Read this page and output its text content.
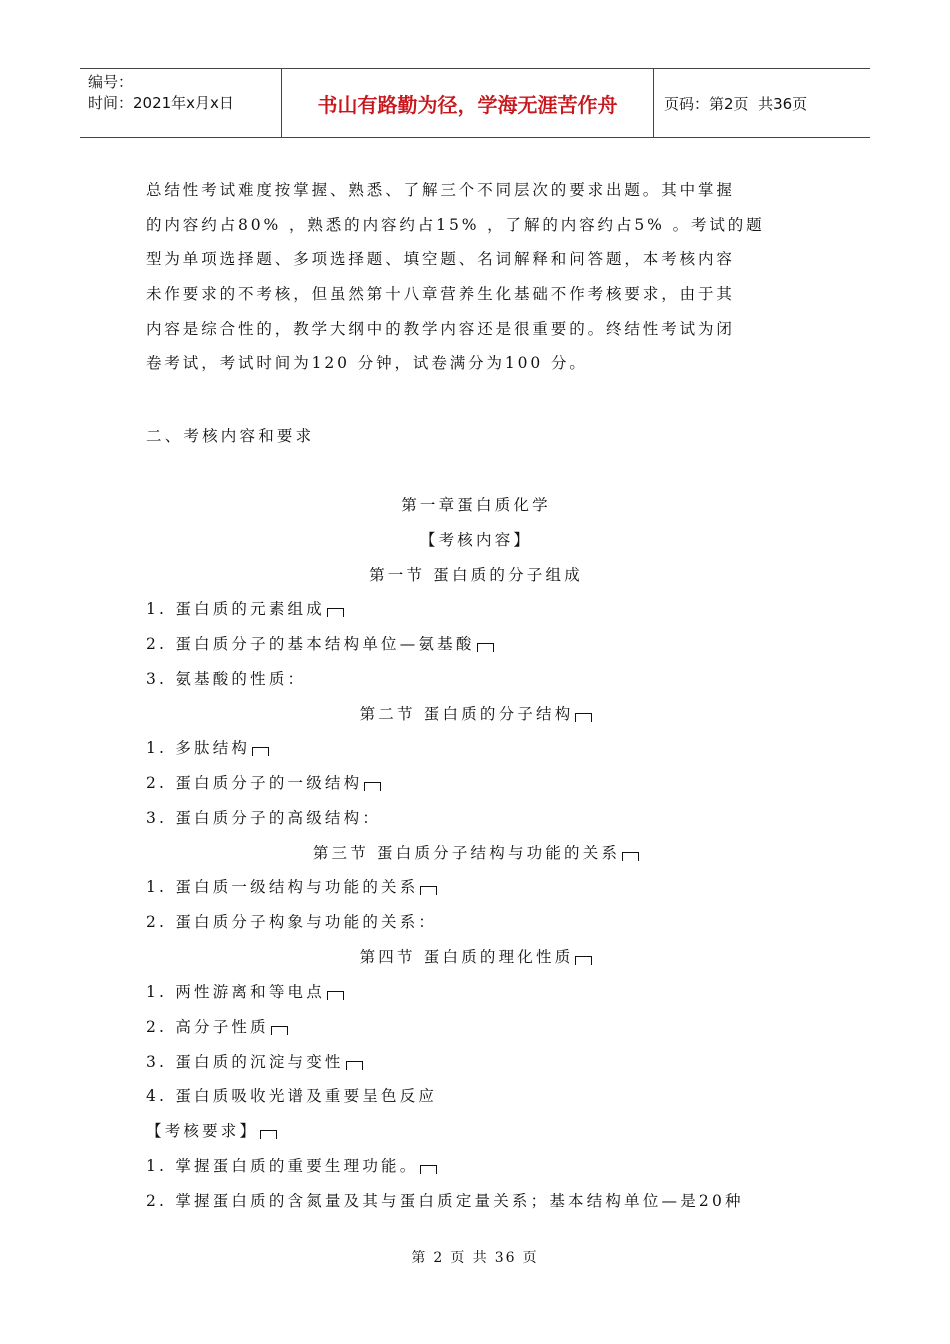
编号：
时间：2021年x月x日	书山有路勤为径，学海无涯苦作舟	页码：第2页  共36页
总结性考试难度按掌握、熟悉、了解三个不同层次的要求出题。其中掌握
的内容约占80% ，熟悉的内容约占15% ，了解的内容约占5% 。考试的题
型为单项选择题、多项选择题、填空题、名词解释和问答题，本考核内容
未作要求的不考核，但虽然第十八章营养生化基础不作考核要求，由于其
内容是综合性的，教学大纲中的教学内容还是很重要的。终结性考试为闭
卷考试，考试时间为120 分钟，试卷满分为100 分。
二、考核内容和要求
第一章蛋白质化学
【考核内容】
第一节 蛋白质的分子组成
1. 蛋白质的元素组成
2. 蛋白质分子的基本结构单位—氨基酸
3. 氨基酸的性质：
第二节 蛋白质的分子结构
1. 多肽结构
2. 蛋白质分子的一级结构
3. 蛋白质分子的高级结构：
第三节 蛋白质分子结构与功能的关系
1. 蛋白质一级结构与功能的关系
2. 蛋白质分子构象与功能的关系：
第四节 蛋白质的理化性质
1. 两性游离和等电点
2. 高分子性质
3. 蛋白质的沉淀与变性
4. 蛋白质吸收光谱及重要呈色反应
【考核要求】
1. 掌握蛋白质的重要生理功能。
2. 掌握蛋白质的含氮量及其与蛋白质定量关系；基本结构单位—是20种
第 2 页 共 36 页
